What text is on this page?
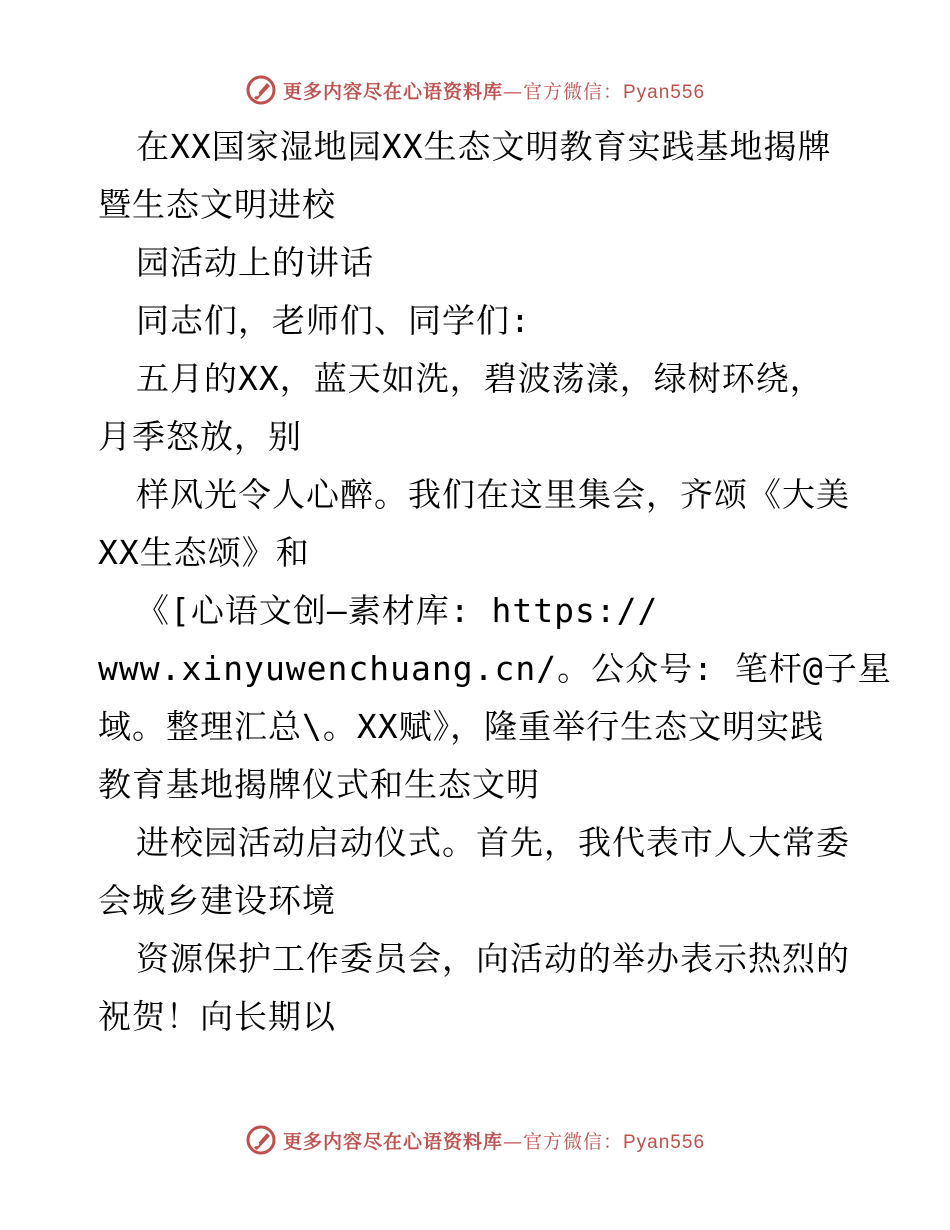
更多内容尽在心语资料库—官方微信：Pyan556
在XX国家湿地园XX生态文明教育实践基地揭牌
暨生态文明进校
园活动上的讲话
同志们，老师们、同学们:
五月的XX，蓝天如洗，碧波荡漾，绿树环绕，
月季怒放，别
样风光令人心醉。我们在这里集会，齐颂《大美
XX生态颂》和
《[心语文创—素材库: https://
www.xinyuwenchuang.cn/。公众号: 笔杆@子星
域。整理汇总\。XX赋》，隆重举行生态文明实践
教育基地揭牌仪式和生态文明
进校园活动启动仪式。首先，我代表市人大常委
会城乡建设环境
资源保护工作委员会，向活动的举办表示热烈的
祝贺！向长期以
更多内容尽在心语资料库—官方微信：Pyan556
